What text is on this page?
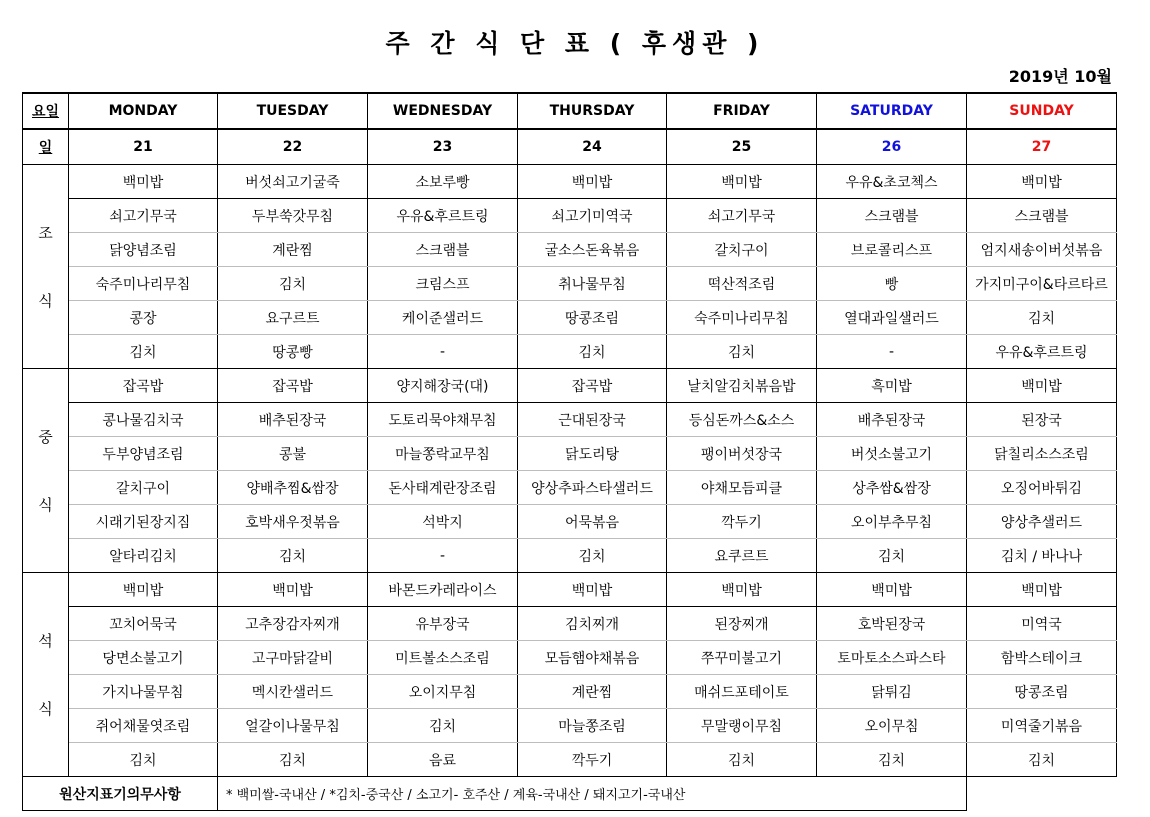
주 간 식 단 표 ( 후생관 )
2019년 10월
요일	MONDAY	TUESDAY	WEDNESDAY	THURSDAY	FRIDAY	SATURDAY	SUNDAY
일	21	22	23	24	25	26	27
조

식	백미밥	버섯쇠고기굴죽	소보루빵	백미밥	백미밥	우유&초코첵스	백미밥
	쇠고기무국	두부쑥갓무침	우유&후르트링	쇠고기미역국	쇠고기무국	스크램블	스크램블
	닭양념조림	계란찜	스크램블	굴소스돈육볶음	갈치구이	브로콜리스프	엄지새송이버섯볶음
	숙주미나리무침	김치	크림스프	취나물무침	떡산적조림	빵	가지미구이&타르타르
	콩장	요구르트	케이준샐러드	땅콩조림	숙주미나리무침	열대과일샐러드	김치
	김치	땅콩빵	-	김치	김치	-	우유&후르트링
중

식	잡곡밥	잡곡밥	양지해장국(대)	잡곡밥	날치알김치볶음밥	흑미밥	백미밥
	콩나물김치국	배추된장국	도토리묵야채무침	근대된장국	등심돈까스&소스	배추된장국	된장국
	두부양념조림	콩불	마늘쫑락교무침	닭도리탕	팽이버섯장국	버섯소불고기	닭칠리소스조림
	갈치구이	양배추찜&쌈장	돈사태계란장조림	양상추파스타샐러드	야채모듬피클	상추쌈&쌈장	오징어바튀김
	시래기된장지짐	호박새우젓볶음	석박지	어묵볶음	깍두기	오이부추무침	양상추샐러드
	알타리김치	김치	-	김치	요쿠르트	김치	김치 / 바나나
석

식	백미밥	백미밥	바몬드카레라이스	백미밥	백미밥	백미밥	백미밥
	꼬치어묵국	고추장감자찌개	유부장국	김치찌개	된장찌개	호박된장국	미역국
	당면소불고기	고구마닭갈비	미트볼소스조림	모듬햄야채볶음	쭈꾸미불고기	토마토소스파스타	함박스테이크
	가지나물무침	멕시칸샐러드	오이지무침	계란찜	매쉬드포테이토	닭튀김	땅콩조림
	쥐어채물엿조림	얼갈이나물무침	김치	마늘쫑조림	무말랭이무침	오이무침	미역줄기볶음
	김치	김치	음료	깍두기	김치	김치	김치
원산지표기의무사항		* 백미쌀-국내산 / *김치-중국산 / 소고기- 호주산 / 계육-국내산 / 돼지고기-국내산					
